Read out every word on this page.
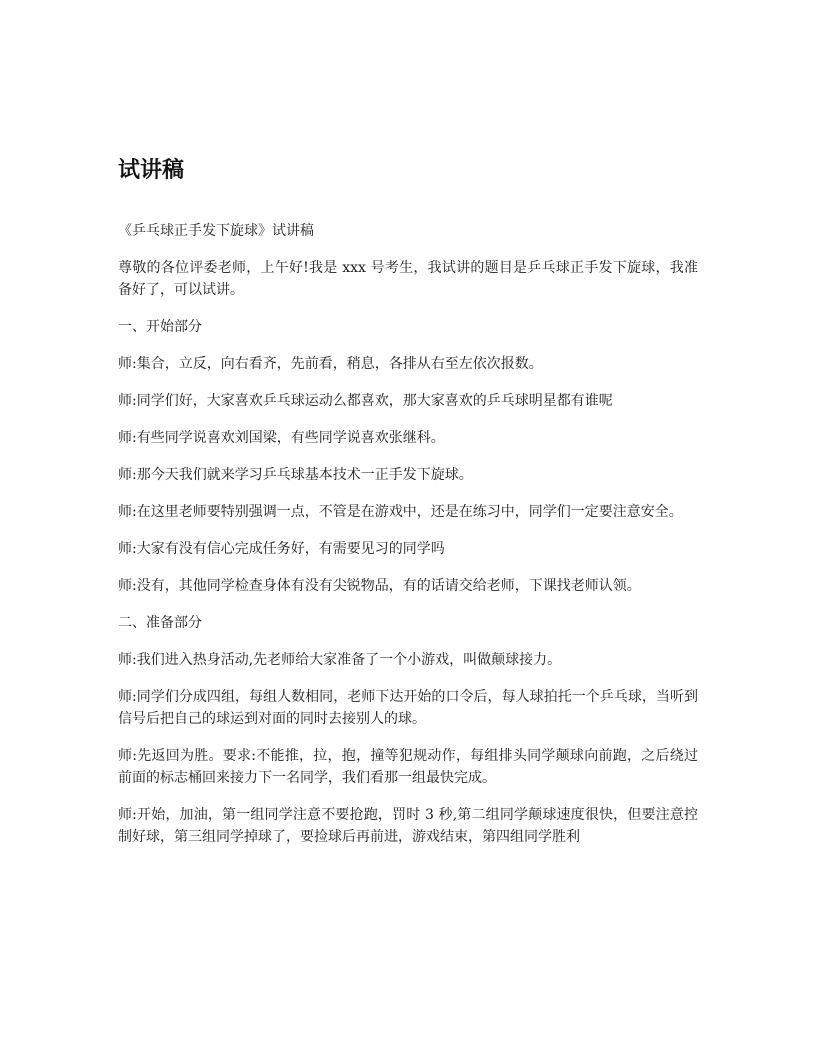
试讲稿

《乒乓球正手发下旋球》试讲稿

尊敬的各位评委老师，上午好!我是 xxx 号考生，我试讲的题目是乒乓球正手发下旋球，我准备好了，可以试讲。

一、开始部分

师:集合，立反，向右看齐，先前看，稍息，各排从右至左依次报数。

师:同学们好，大家喜欢乒乓球运动么都喜欢，那大家喜欢的乒乓球明星都有谁呢

师:有些同学说喜欢刘国梁，有些同学说喜欢张继科。

师:那今天我们就来学习乒乓球基本技术一正手发下旋球。

师:在这里老师要特别强调一点，不管是在游戏中，还是在练习中，同学们一定要注意安全。

师:大家有没有信心完成任务好，有需要见习的同学吗

师:没有，其他同学检查身体有没有尖锐物品，有的话请交给老师，下课找老师认领。

二、准备部分

师:我们进入热身活动,先老师给大家准备了一个小游戏，叫做颠球接力。

师:同学们分成四组，每组人数相同，老师下达开始的口令后，每人球拍托一个乒乓球，当听到信号后把自己的球运到对面的同时去接别人的球。

师:先返回为胜。要求:不能推，拉，抱，撞等犯规动作，每组排头同学颠球向前跑，之后绕过前面的标志桶回来接力下一名同学，我们看那一组最快完成。

师:开始，加油，第一组同学注意不要抢跑，罚时 3 秒,第二组同学颠球速度很快，但要注意控制好球，第三组同学掉球了，要捡球后再前进，游戏结束，第四组同学胜利
